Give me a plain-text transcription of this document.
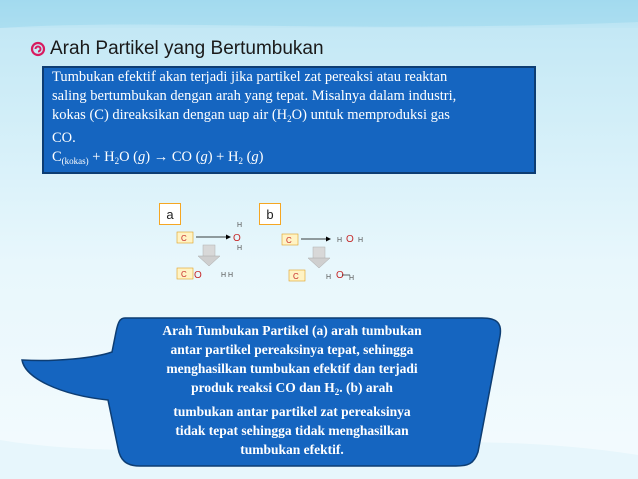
Arah Partikel yang Bertumbukan

Tumbukan efektif akan terjadi jika partikel zat pereaksi atau reaktan

saling bertumbukan dengan arah yang tepat. Misalnya dalam industri,

kokas (C) direaksikan dengan uap air $(H_2O)$ untuk memproduksi gas

CO.

$C_{(kokas)} + H_2O$ (g) → CO $(g) + H_2$ (g)

a	b
C
H
O
H
C O	H H
C	H O H
C	H O H
Arah Tumbukan Partikel (a) arah tumbukan
antar partikel pereaksinya tepat, sehingga
menghasilkan tumbukan efektif dan terjadi
produk reaksi CO dan $H_2$. (b) arah
tumbukan antar partikel zat pereaksinya
tidak tepat sehingga tidak menghasilkan
tumbukan efektif.
